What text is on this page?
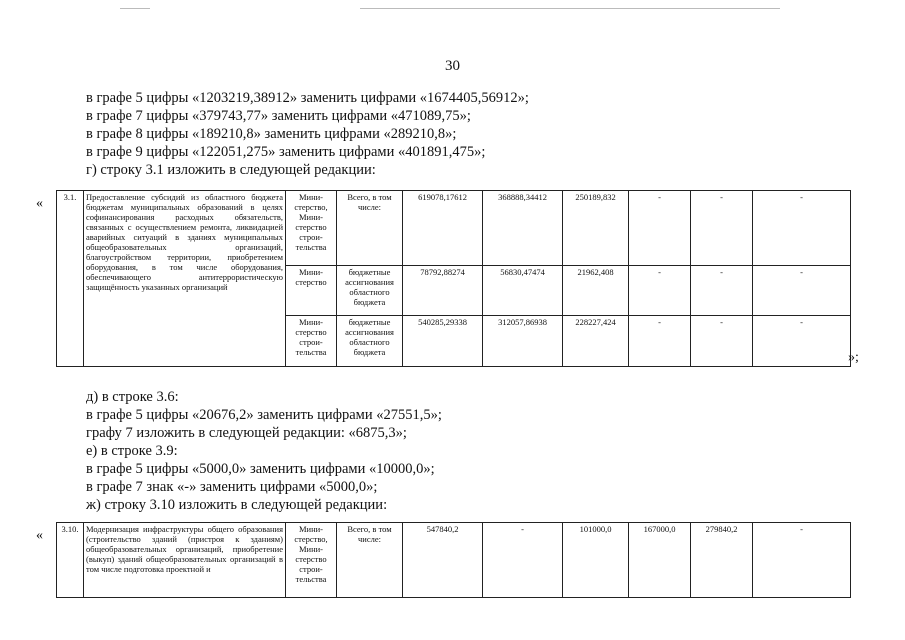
30
в графе 5 цифры «1203219,38912» заменить цифрами «1674405,56912»;
в графе 7 цифры «379743,77» заменить цифрами «471089,75»;
в графе 8 цифры «189210,8» заменить цифрами «289210,8»;
в графе 9 цифры «122051,275» заменить цифрами «401891,475»;
г) строку 3.1 изложить в следующей редакции:
« 3.1.	Предоставление субсидий из областного бюджета бюджетам муниципальных образований в целях софинансирования расходных обязательств, связанных с осуществлением ремонта, ликвидацией аварийных ситуаций в зданиях муниципальных общеобразовательных организаций, благоустройством территории, приобретением оборудования, в том числе оборудования, обеспечивающего антитеррористическую защищённость указанных организаций	Мини-стерство, Мини-стерство строи-тельства	Всего, в том числе:	619078,17612	368888,34412	250189,832	-	-	-
		Мини-стерство	бюджетные ассигнования областного бюджета	78792,88274	56830,47474	21962,408	-	-	-
		Мини-стерство строи-тельства	бюджетные ассигнования областного бюджета	540285,29338	312057,86938	228227,424	-	-	-
»;
д) в строке 3.6:
в графе 5 цифры «20676,2» заменить цифрами «27551,5»;
графу 7 изложить в следующей редакции: «6875,3»;
е) в строке 3.9:
в графе 5 цифры «5000,0» заменить цифрами «10000,0»;
в графе 7 знак «-» заменить цифрами «5000,0»;
ж) строку 3.10 изложить в следующей редакции:
« 3.10.	Модернизация инфраструктуры общего образования (строительство зданий (пристроя к зданиям) общеобразовательных организаций, приобретение (выкуп) зданий общеобразовательных организаций в том числе подготовка проектной и	Мини-стерство, Мини-стерство строи-тельства	Всего, в том числе:	547840,2	-	101000,0	167000,0	279840,2	-
